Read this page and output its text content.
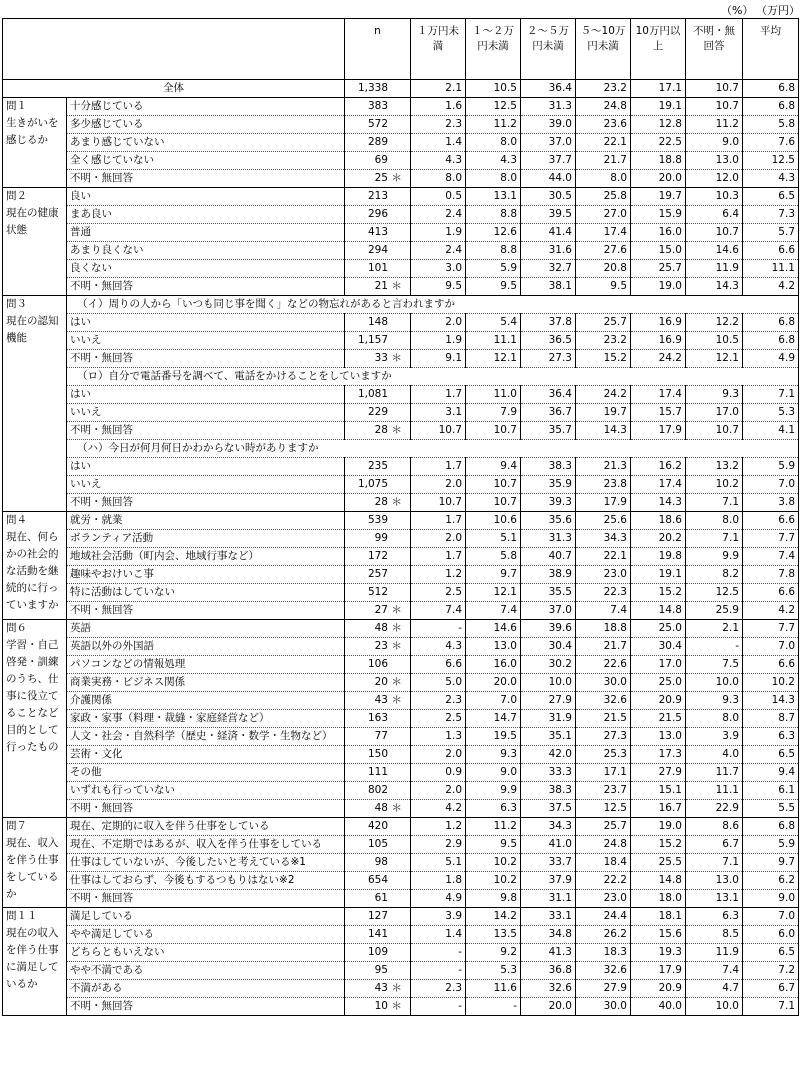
（%） （万円）
		n	１万円未満	１～２万円未満	２～５万円未満	５～10万円未満	10万円以上	不明・無回答	平均
全体		1,338	2.1	10.5	36.4	23.2	17.1	10.7	6.8
問１
生きがいを感じるか	十分感じている	383	1.6	12.5	31.3	24.8	19.1	10.7	6.8
	多少感じている	572	2.3	11.2	39.0	23.6	12.8	11.2	5.8
	あまり感じていない	289	1.4	8.0	37.0	22.1	22.5	9.0	7.6
	全く感じていない	69	4.3	4.3	37.7	21.7	18.8	13.0	12.5
	不明・無回答	25 ＊	8.0	8.0	44.0	8.0	20.0	12.0	4.3
問２
現在の健康状態	良い	213	0.5	13.1	30.5	25.8	19.7	10.3	6.5
	まあ良い	296	2.4	8.8	39.5	27.0	15.9	6.4	7.3
	普通	413	1.9	12.6	41.4	17.4	16.0	10.7	5.7
	あまり良くない	294	2.4	8.8	31.6	27.6	15.0	14.6	6.6
	良くない	101	3.0	5.9	32.7	20.8	25.7	11.9	11.1
	不明・無回答	21 ＊	9.5	9.5	38.1	9.5	19.0	14.3	4.2
問３
現在の認知機能	（イ）周りの人から「いつも同じ事を聞く」などの物忘れがあると言われますか								
	はい	148	2.0	5.4	37.8	25.7	16.9	12.2	6.8
	いいえ	1,157	1.9	11.1	36.5	23.2	16.9	10.5	6.8
	不明・無回答	33 ＊	9.1	12.1	27.3	15.2	24.2	12.1	4.9
	（ロ）自分で電話番号を調べて、電話をかけることをしていますか								
	はい	1,081	1.7	11.0	36.4	24.2	17.4	9.3	7.1
	いいえ	229	3.1	7.9	36.7	19.7	15.7	17.0	5.3
	不明・無回答	28 ＊	10.7	10.7	35.7	14.3	17.9	10.7	4.1
	（ハ）今日が何月何日かわからない時がありますか								
	はい	235	1.7	9.4	38.3	21.3	16.2	13.2	5.9
	いいえ	1,075	2.0	10.7	35.9	23.8	17.4	10.2	7.0
	不明・無回答	28 ＊	10.7	10.7	39.3	17.9	14.3	7.1	3.8
問４
現在、何らかの社会的な活動を継続的に行っていますか	就労・就業	539	1.7	10.6	35.6	25.6	18.6	8.0	6.6
	ボランティア活動	99	2.0	5.1	31.3	34.3	20.2	7.1	7.7
	地域社会活動（町内会、地域行事など）	172	1.7	5.8	40.7	22.1	19.8	9.9	7.4
	趣味やおけいこ事	257	1.2	9.7	38.9	23.0	19.1	8.2	7.8
	特に活動はしていない	512	2.5	12.1	35.5	22.3	15.2	12.5	6.6
	不明・無回答	27 ＊	7.4	7.4	37.0	7.4	14.8	25.9	4.2
問６
学習・自己啓発・訓練のうち、仕事に役立てることなど目的として行ったもの	英語	48 ＊	-	14.6	39.6	18.8	25.0	2.1	7.7
	英語以外の外国語	23 ＊	4.3	13.0	30.4	21.7	30.4	-	7.0
	パソコンなどの情報処理	106	6.6	16.0	30.2	22.6	17.0	7.5	6.6
	商業実務・ビジネス関係	20 ＊	5.0	20.0	10.0	30.0	25.0	10.0	10.2
	介護関係	43 ＊	2.3	7.0	27.9	32.6	20.9	9.3	14.3
	家政・家事（料理・裁縫・家庭経営など）	163	2.5	14.7	31.9	21.5	21.5	8.0	8.7
	人文・社会・自然科学（歴史・経済・数学・生物など）	77	1.3	19.5	35.1	27.3	13.0	3.9	6.3
	芸術・文化	150	2.0	9.3	42.0	25.3	17.3	4.0	6.5
	その他	111	0.9	9.0	33.3	17.1	27.9	11.7	9.4
	いずれも行っていない	802	2.0	9.9	38.3	23.7	15.1	11.1	6.1
	不明・無回答	48 ＊	4.2	6.3	37.5	12.5	16.7	22.9	5.5
問７
現在、収入を伴う仕事をしているか	現在、定期的に収入を伴う仕事をしている	420	1.2	11.2	34.3	25.7	19.0	8.6	6.8
	現在、不定期ではあるが、収入を伴う仕事をしている	105	2.9	9.5	41.0	24.8	15.2	6.7	5.9
	仕事はしていないが、今後したいと考えている※1	98	5.1	10.2	33.7	18.4	25.5	7.1	9.7
	仕事はしておらず、今後もするつもりはない※2	654	1.8	10.2	37.9	22.2	14.8	13.0	6.2
	不明・無回答	61	4.9	9.8	31.1	23.0	18.0	13.1	9.0
問１１
現在の収入を伴う仕事に満足しているか	満足している	127	3.9	14.2	33.1	24.4	18.1	6.3	7.0
	やや満足している	141	1.4	13.5	34.8	26.2	15.6	8.5	6.0
	どちらともいえない	109	-	9.2	41.3	18.3	19.3	11.9	6.5
	やや不満である	95	-	5.3	36.8	32.6	17.9	7.4	7.2
	不満がある	43 ＊	2.3	11.6	32.6	27.9	20.9	4.7	6.7
	不明・無回答	10 ＊	-	-	20.0	30.0	40.0	10.0	7.1
